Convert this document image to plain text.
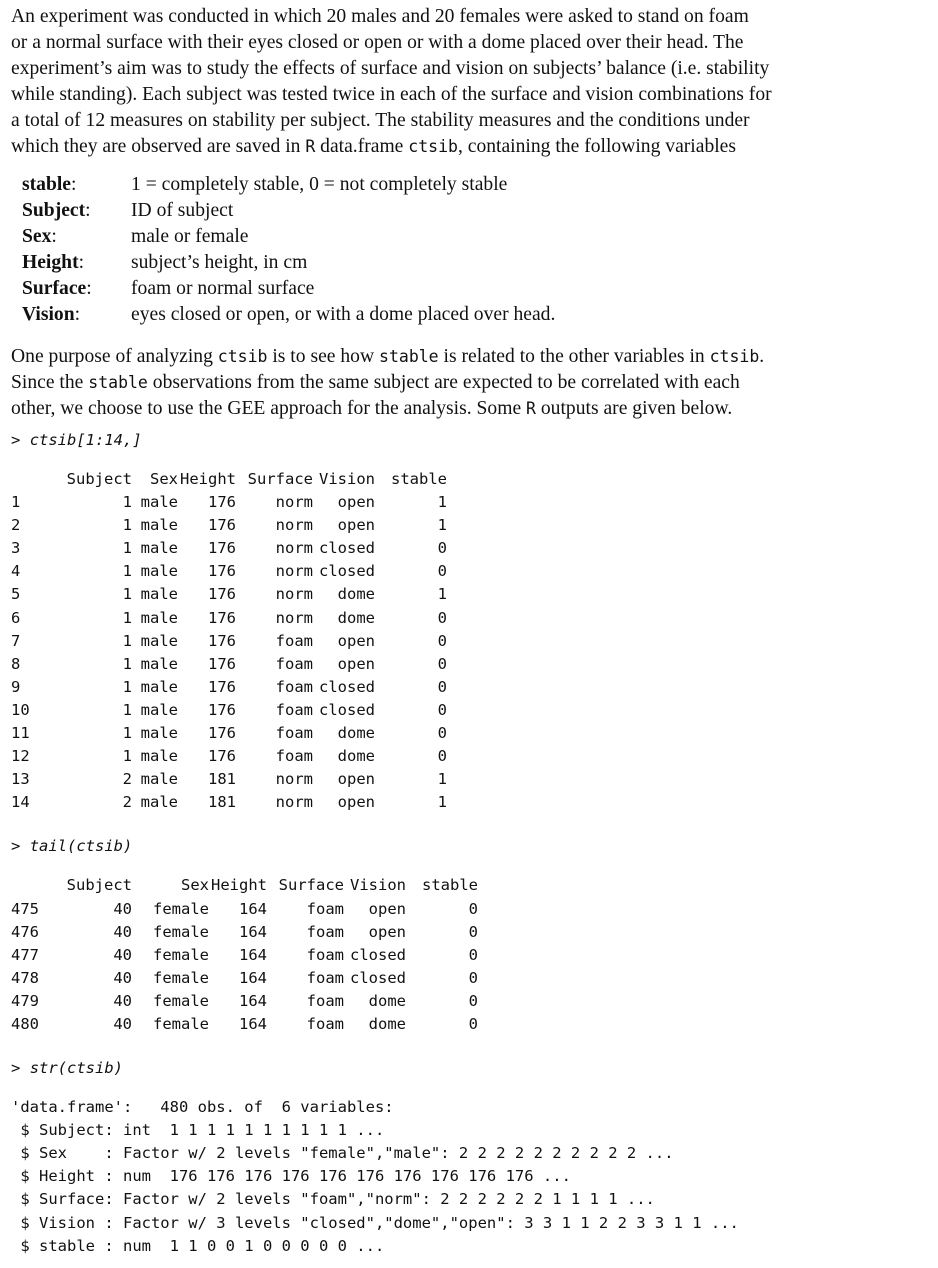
An experiment was conducted in which 20 males and 20 females were asked to stand on foam
or a normal surface with their eyes closed or open or with a dome placed over their head. The
experiment’s aim was to study the effects of surface and vision on subjects’ balance (i.e. stability
while standing). Each subject was tested twice in each of the surface and vision combinations for
a total of 12 measures on stability per subject. The stability measures and the conditions under
which they are observed are saved in R data.frame ctsib, containing the following variables

stable:	1 = completely stable, 0 = not completely stable
Subject:	ID of subject
Sex:	male or female
Height:	subject’s height, in cm
Surface:	foam or normal surface
Vision:	eyes closed or open, or with a dome placed over head.

One purpose of analyzing ctsib is to see how stable is related to the other variables in ctsib.
Since the stable observations from the same subject are expected to be correlated with each
other, we choose to use the GEE approach for the analysis. Some R outputs are given below.

> ctsib[1:14,]

	Subject	Sex	Height	Surface	Vision	stable
1	1	male	176	norm	open	1
2	1	male	176	norm	open	1
3	1	male	176	norm	closed	0
4	1	male	176	norm	closed	0
5	1	male	176	norm	dome	1
6	1	male	176	norm	dome	0
7	1	male	176	foam	open	0
8	1	male	176	foam	open	0
9	1	male	176	foam	closed	0
10	1	male	176	foam	closed	0
11	1	male	176	foam	dome	0
12	1	male	176	foam	dome	0
13	2	male	181	norm	open	1
14	2	male	181	norm	open	1

> tail(ctsib)

	Subject	Sex	Height	Surface	Vision	stable
475	40	female	164	foam	open	0
476	40	female	164	foam	open	0
477	40	female	164	foam	closed	0
478	40	female	164	foam	closed	0
479	40	female	164	foam	dome	0
480	40	female	164	foam	dome	0

> str(ctsib)

'data.frame':   480 obs. of  6 variables:

$ Subject: int  1 1 1 1 1 1 1 1 1 1 ...

$ Sex    : Factor w/ 2 levels "female","male": 2 2 2 2 2 2 2 2 2 2 ...

$ Height : num  176 176 176 176 176 176 176 176 176 176 ...

$ Surface: Factor w/ 2 levels "foam","norm": 2 2 2 2 2 2 1 1 1 1 ...

$ Vision : Factor w/ 3 levels "closed","dome","open": 3 3 1 1 2 2 3 3 1 1 ...

$ stable : num  1 1 0 0 1 0 0 0 0 0 ...
